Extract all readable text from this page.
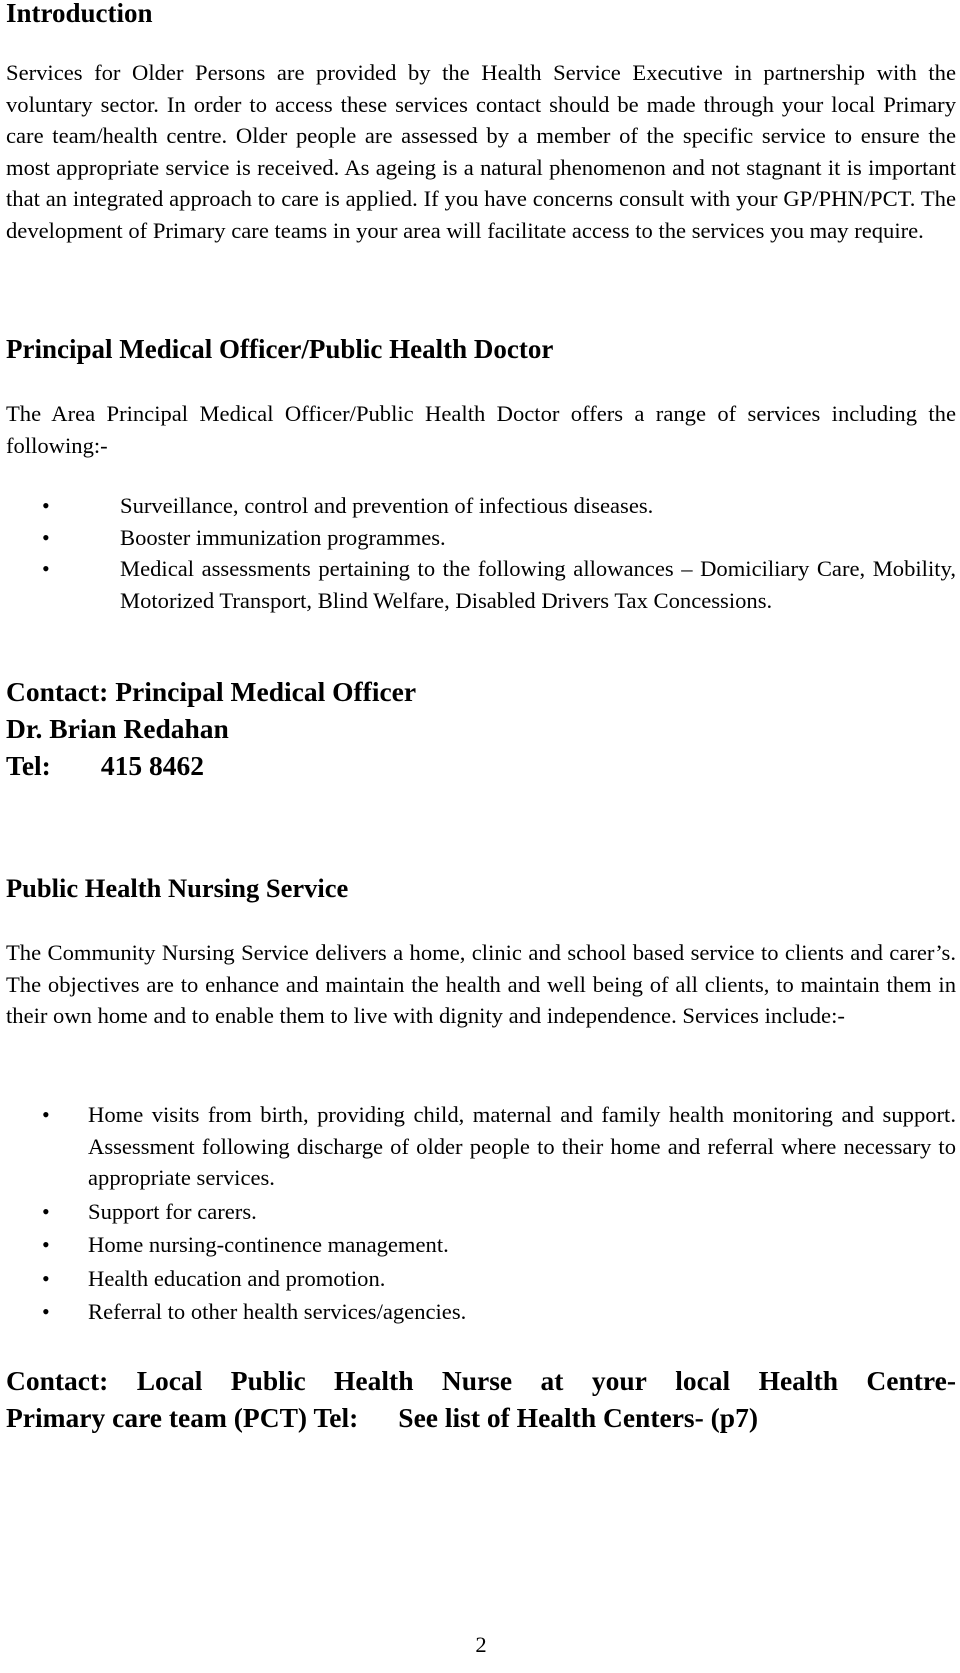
Introduction

Services for Older Persons are provided by the Health Service Executive in partnership with the voluntary sector. In order to access these services contact should be made through your local Primary care team/health centre. Older people are assessed by a member of the specific service to ensure the most appropriate service is received. As ageing is a natural phenomenon and not stagnant it is important that an integrated approach to care is applied. If you have concerns consult with your GP/PHN/PCT. The development of Primary care teams in your area will facilitate access to the services you may require.

Principal Medical Officer/Public Health Doctor

The Area Principal Medical Officer/Public Health Doctor offers a range of services including the following:-

•	Surveillance, control and prevention of infectious diseases.
•	Booster immunization programmes.
•	Medical assessments pertaining to the following allowances – Domiciliary Care, Mobility, Motorized Transport, Blind Welfare, Disabled Drivers Tax Concessions.
Contact: Principal Medical Officer
Dr. Brian Redahan
Tel: 415 8462
Public Health Nursing Service

The Community Nursing Service delivers a home, clinic and school based service to clients and carer’s. The objectives are to enhance and maintain the health and well being of all clients, to maintain them in their own home and to enable them to live with dignity and independence. Services include:-

• Home visits from birth, providing child, maternal and family health monitoring and support. Assessment following discharge of older people to their home and referral where necessary to appropriate services.
• Support for carers.
• Home nursing-continence management.
• Health education and promotion.
• Referral to other health services/agencies.
Contact: Local Public Health Nurse at your local Health Centre-
Primary care team (PCT) Tel: See list of Health Centers- (p7)
2
